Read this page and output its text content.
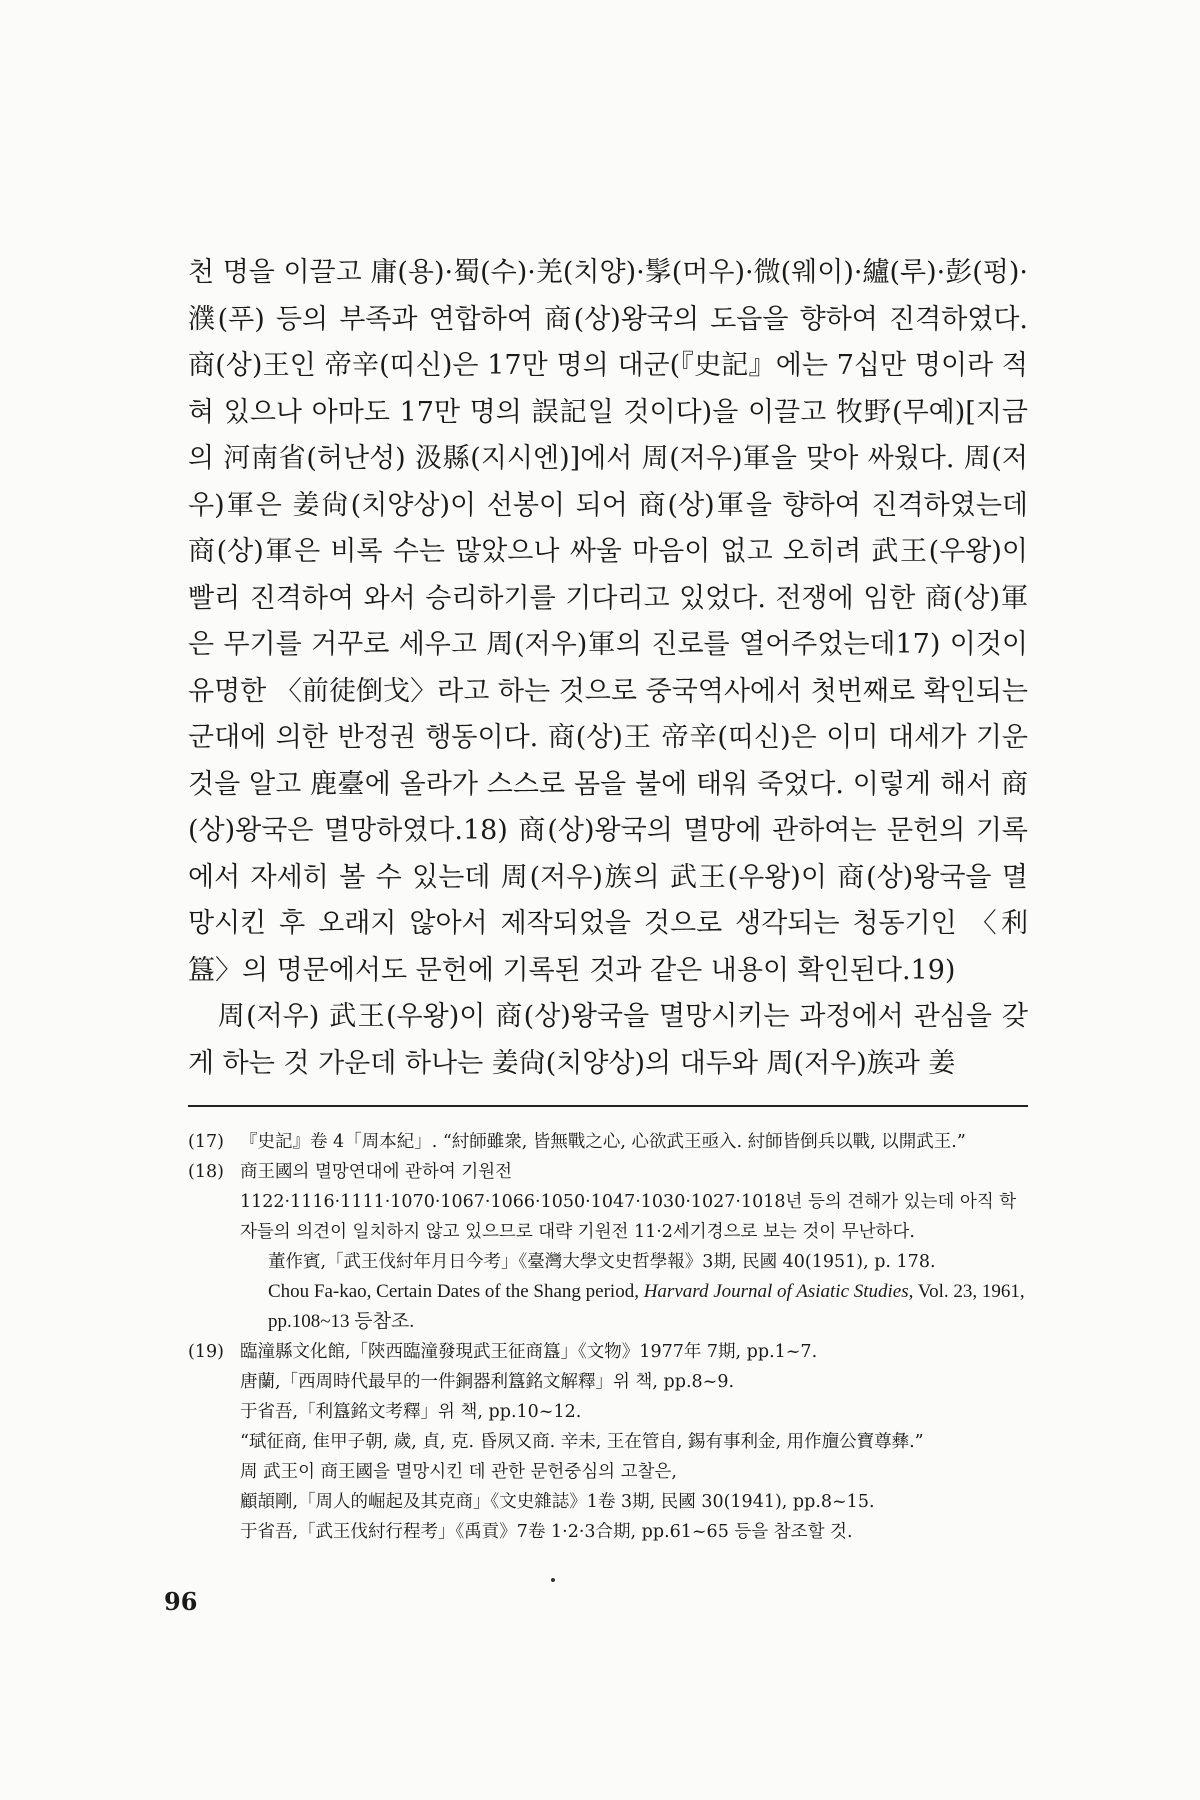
천 명을 이끌고 庸(용)·蜀(수)·羌(치양)·髳(머우)·微(웨이)·纑(루)·彭(펑)·濮(푸) 등의 부족과 연합하여 商(상)왕국의 도읍을 향하여 진격하였다. 商(상)王인 帝辛(띠신)은 17만 명의 대군(『史記』에는 7십만 명이라 적혀 있으나 아마도 17만 명의 誤記일 것이다)을 이끌고 牧野(무예)[지금의 河南省(허난성) 汲縣(지시엔)]에서 周(저우)軍을 맞아 싸웠다. 周(저우)軍은 姜尙(치양상)이 선봉이 되어 商(상)軍을 향하여 진격하였는데 商(상)軍은 비록 수는 많았으나 싸울 마음이 없고 오히려 武王(우왕)이 빨리 진격하여 와서 승리하기를 기다리고 있었다. 전쟁에 임한 商(상)軍은 무기를 거꾸로 세우고 周(저우)軍의 진로를 열어주었는데17) 이것이 유명한 〈前徒倒戈〉라고 하는 것으로 중국역사에서 첫번째로 확인되는 군대에 의한 반정권 행동이다. 商(상)王 帝辛(띠신)은 이미 대세가 기운 것을 알고 鹿臺에 올라가 스스로 몸을 불에 태워 죽었다. 이렇게 해서 商(상)왕국은 멸망하였다.18) 商(상)왕국의 멸망에 관하여는 문헌의 기록에서 자세히 볼 수 있는데 周(저우)族의 武王(우왕)이 商(상)왕국을 멸망시킨 후 오래지 않아서 제작되었을 것으로 생각되는 청동기인 〈利簋〉의 명문에서도 문헌에 기록된 것과 같은 내용이 확인된다.19)

周(저우) 武王(우왕)이 商(상)왕국을 멸망시키는 과정에서 관심을 갖게 하는 것 가운데 하나는 姜尙(치양상)의 대두와 周(저우)族과 姜

(17) 『史記』卷 4「周本紀」. “紂師雖衆, 皆無戰之心, 心欲武王亟入. 紂師皆倒兵以戰, 以開武王.”
(18) 商王國의 멸망연대에 관하여 기원전 1122·1116·1111·1070·1067·1066·1050·1047·1030·1027·1018년 등의 견해가 있는데 아직 학자들의 의견이 일치하지 않고 있으므로 대략 기원전 11·2세기경으로 보는 것이 무난하다.
董作賓,「武王伐紂年月日今考」《臺灣大學文史哲學報》3期, 民國 40(1951), p. 178.
Chou Fa-kao, Certain Dates of the Shang period, Harvard Journal of Asiatic Studies, Vol. 23, 1961, pp.108~13 등참조.
(19) 臨潼縣文化館,「陝西臨潼發現武王征商簋」《文物》1977年 7期, pp.1~7.
唐蘭,「西周時代最早的一件銅器利簋銘文解釋」위 책, pp.8~9.
于省吾,「利簋銘文考釋」위 책, pp.10~12.
“珷征商, 隹甲子朝, 歲, 貞, 克. 昏夙又商. 辛未, 王在管自, 錫有事利金, 用作旜公寶尊彝.”
周 武王이 商王國을 멸망시킨 데 관한 문헌중심의 고찰은,
顧頡剛,「周人的崛起及其克商」《文史雜誌》1卷 3期, 民國 30(1941), pp.8~15.
于省吾,「武王伐紂行程考」《禹貢》7卷 1·2·3合期, pp.61~65 등을 참조할 것.
96
